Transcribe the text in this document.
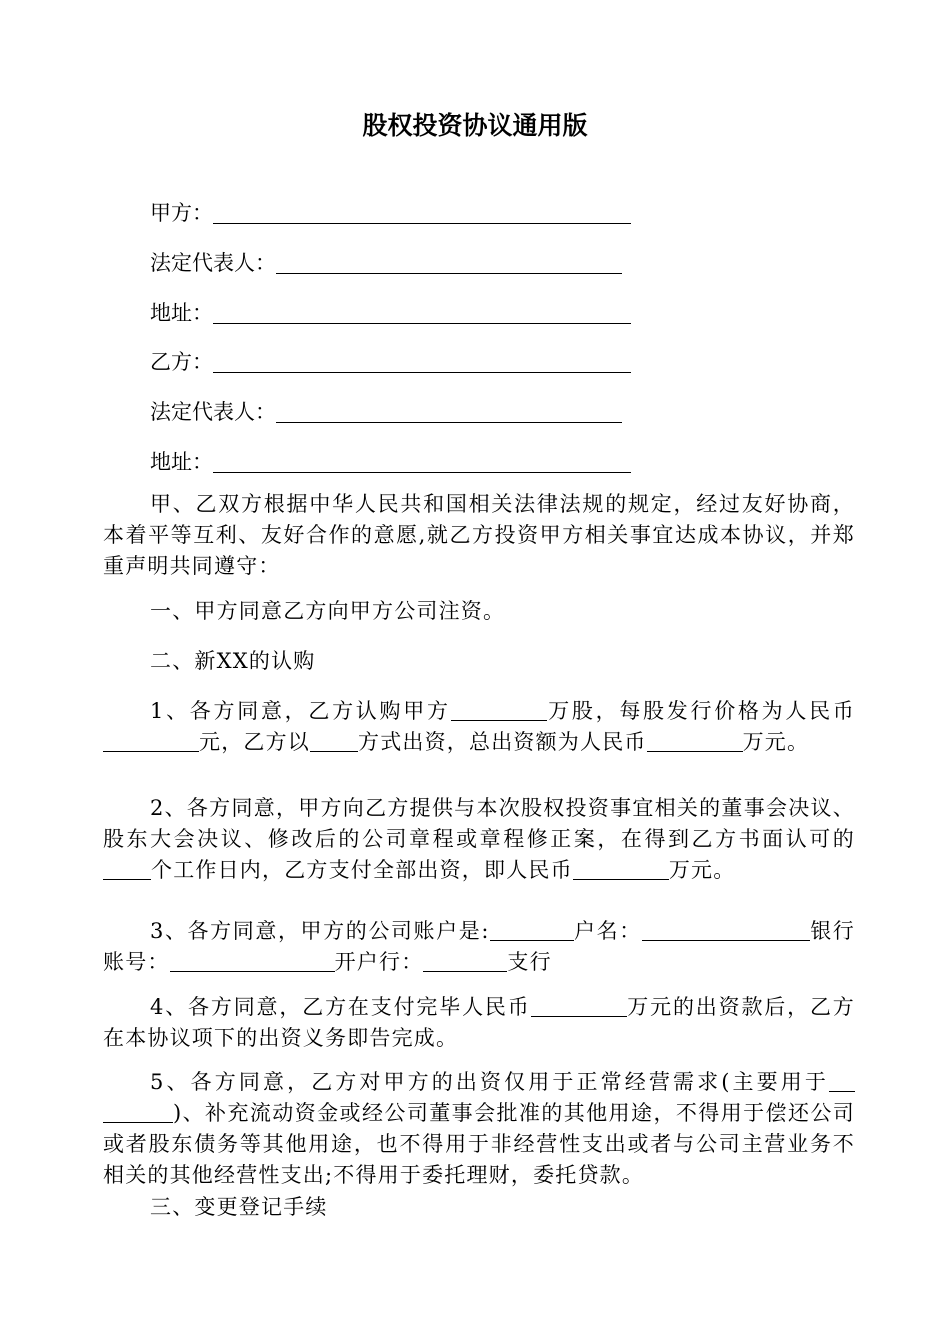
股权投资协议通用版
甲方：
法定代表人：
地址：
乙方：
法定代表人：
地址：

甲、乙双方根据中华人民共和国相关法律法规的规定，经过友好协商，本着平等互利、友好合作的意愿,就乙方投资甲方相关事宜达成本协议，并郑重声明共同遵守：

一、甲方同意乙方向甲方公司注资。

二、新XX的认购

1、各方同意，乙方认购甲方	万股，每股发行价格为人民币元，乙方以 方式出资，总出资额为人民币	万元。

2、各方同意，甲方向乙方提供与本次股权投资事宜相关的董事会决议、股东大会决议、修改后的公司章程或章程修正案，在得到乙方书面认可的个工作日内，乙方支付全部出资，即人民币	万元。

3、各方同意，甲方的公司账户是:	户名：	银行账号：	开户行：	支行

4、各方同意，乙方在支付完毕人民币	万元的出资款后，乙方在本协议项下的出资义务即告完成。

5、各方同意，乙方对甲方的出资仅用于正常经营需求(主要用于)、补充流动资金或经公司董事会批准的其他用途，不得用于偿还公司或者股东债务等其他用途，也不得用于非经营性支出或者与公司主营业务不相关的其他经营性支出;不得用于委托理财，委托贷款。

三、变更登记手续
